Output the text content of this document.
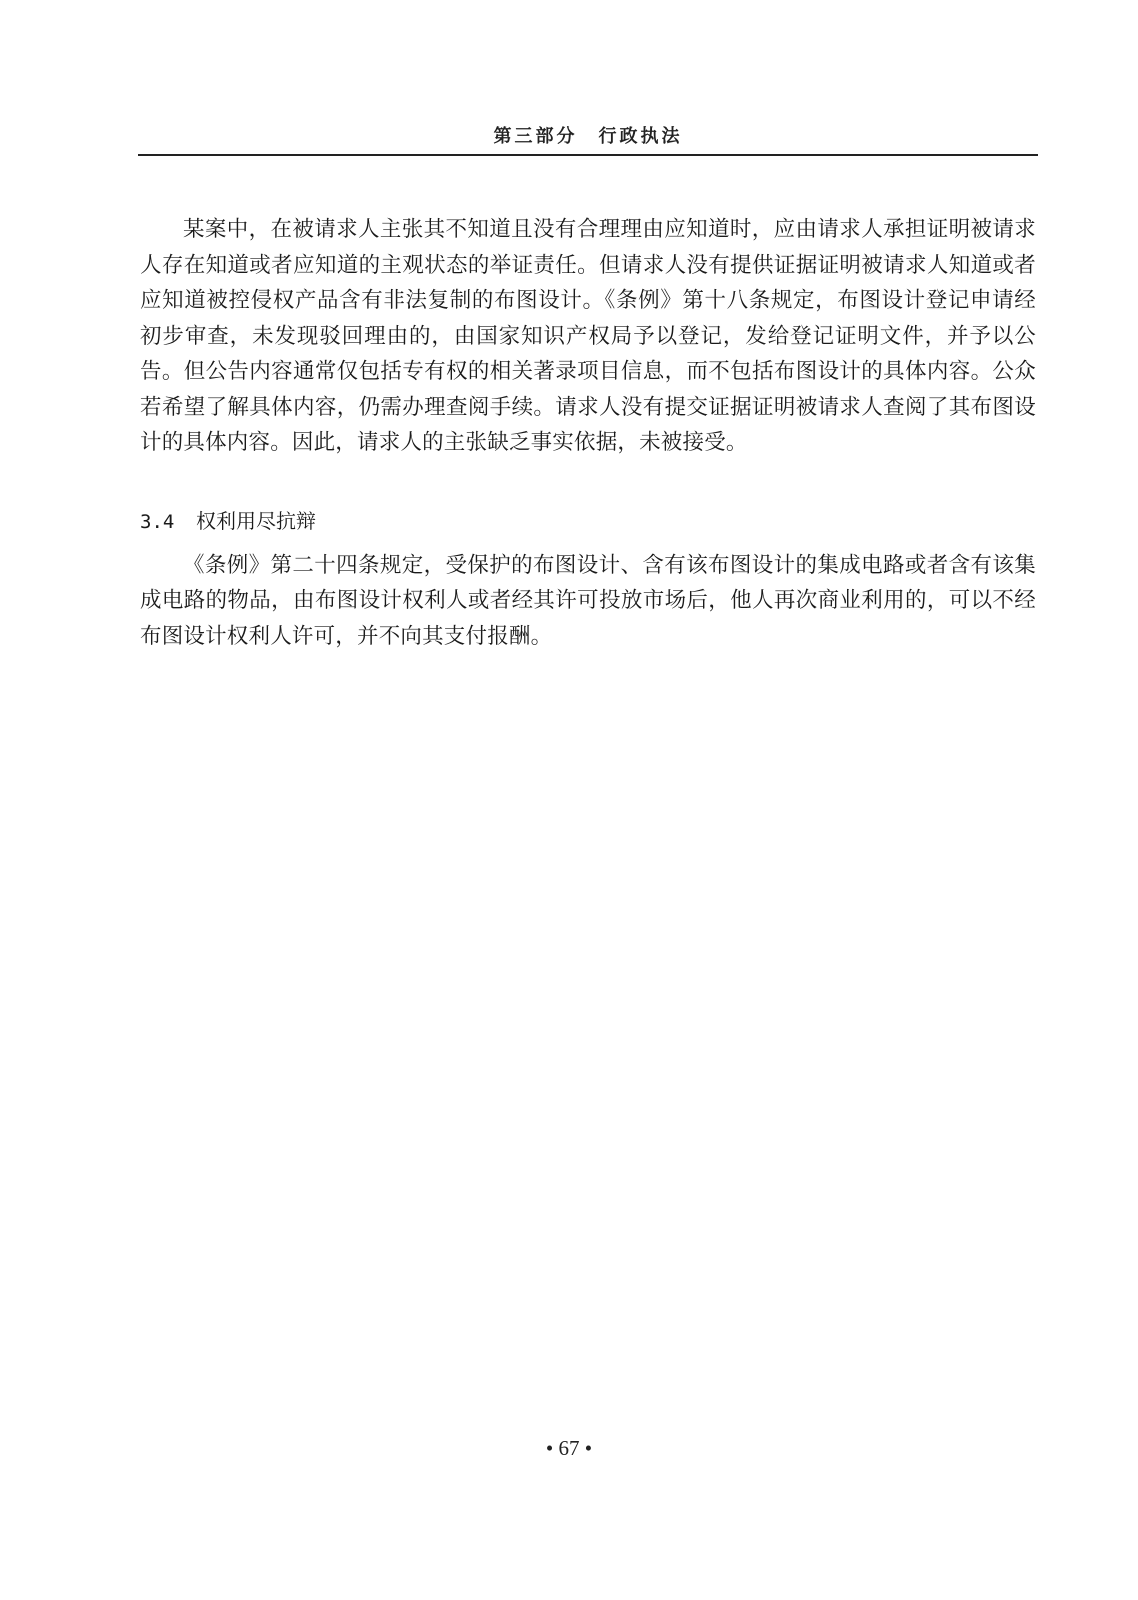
第三部分　行政执法

某案中，在被请求人主张其不知道且没有合理理由应知道时，应由请求人承担证明被请求人存在知道或者应知道的主观状态的举证责任。但请求人没有提供证据证明被请求人知道或者应知道被控侵权产品含有非法复制的布图设计。《条例》第十八条规定，布图设计登记申请经初步审查，未发现驳回理由的，由国家知识产权局予以登记，发给登记证明文件，并予以公告。但公告内容通常仅包括专有权的相关著录项目信息，而不包括布图设计的具体内容。公众若希望了解具体内容，仍需办理查阅手续。请求人没有提交证据证明被请求人查阅了其布图设计的具体内容。因此，请求人的主张缺乏事实依据，未被接受。

3.4 权利用尽抗辩

《条例》第二十四条规定，受保护的布图设计、含有该布图设计的集成电路或者含有该集成电路的物品，由布图设计权利人或者经其许可投放市场后，他人再次商业利用的，可以不经布图设计权利人许可，并不向其支付报酬。

• 67 •
